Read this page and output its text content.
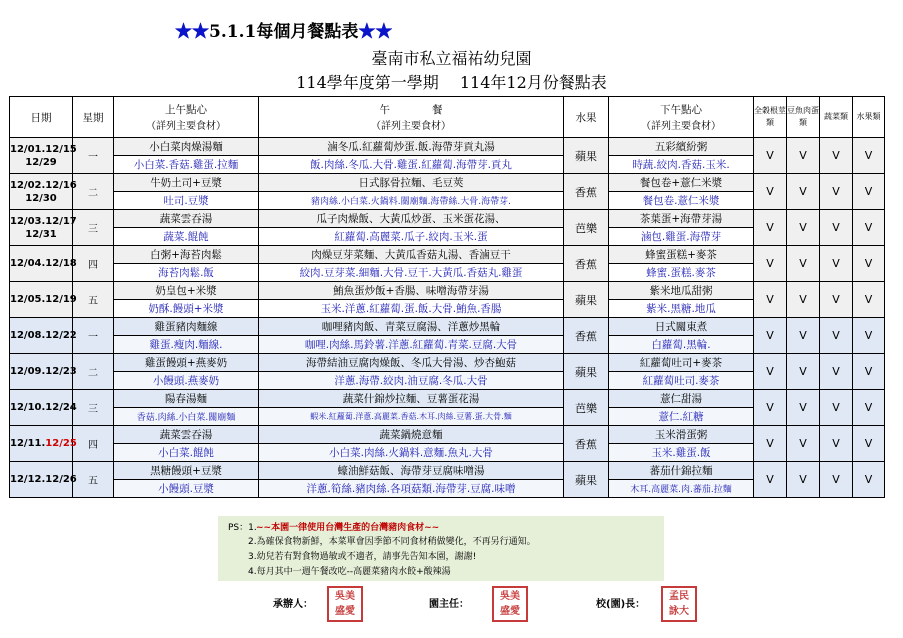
★★5.1.1每個月餐點表★★
臺南市私立福祐幼兒園
114學年度第一學期　 114年12月份餐點表
日期	星期	上午點心
（詳列主要食材）	午　　　　餐
（詳列主要食材）	水果	下午點心
（詳列主要食材）	全穀根莖類	豆魚肉蛋類	蔬菜類	水果類
12/01.12/15
12/29	一	小白菜肉燥湯麵	滷冬瓜.紅蘿蔔炒蛋.飯.海帶芽貢丸湯	蘋果	五彩繽紛粥	V	V	V	V
		小白菜.香菇.雞蛋.拉麵	飯.肉絲.冬瓜.大骨.雞蛋.紅蘿蔔.海帶芽.貢丸		時蔬.絞肉.香菇.玉米.				
12/02.12/16
12/30	二	牛奶土司+豆漿	日式豚骨拉麵、毛豆莢	香蕉	餐包卷+薏仁米漿	V	V	V	V
		吐司.豆漿	豬肉絲.小白菜.火鍋料.關廟麵.海帶絲.大骨.海帶芽.		餐包卷.薏仁米漿				
12/03.12/17
12/31	三	蔬菜雲吞湯	瓜子肉燥飯、大黃瓜炒蛋、玉米蛋花湯、	芭樂	茶葉蛋+海帶芽湯	V	V	V	V
		蔬菜.餛飩	紅蘿蔔.高麗菜.瓜子.絞肉.玉米.蛋		滷包.雞蛋.海帶芽				
12/04.12/18	四	白粥+海苔肉鬆	肉燥豆芽菜麵、大黃瓜香菇丸湯、香滷豆干	香蕉	蜂蜜蛋糕+麥茶	V	V	V	V
		海苔肉鬆.飯	絞肉.豆芽菜.細麵.大骨.豆干.大黃瓜.香菇丸.雞蛋		蜂蜜.蛋糕.麥茶				
12/05.12/19	五	奶皇包+米漿	鮪魚蛋炒飯+香腸、味噌海帶芽湯	蘋果	紫米地瓜甜粥	V	V	V	V
		奶酥.饅頭+米漿	玉米.洋蔥.紅蘿蔔.蛋.飯.大骨.鮪魚.香腸		紫米.黑糖.地瓜				
12/08.12/22	一	雞蛋豬肉麵線	咖哩豬肉飯、青菜豆腐湯、洋蔥炒黑輪	香蕉	日式關東煮	V	V	V	V
		雞蛋.瘦肉.麵線.	咖哩.肉絲.馬鈴薯.洋蔥.紅蘿蔔.青菜.豆腐.大骨		白蘿蔔.黑輪.				
12/09.12/23	二	雞蛋饅頭+燕麥奶	海帶結油豆腐肉燥飯、冬瓜大骨湯、炒杏鮑菇	蘋果	紅蘿蔔吐司+麥茶	V	V	V	V
		小饅頭.燕麥奶	洋蔥.海帶.絞肉.油豆腐.冬瓜.大骨		紅蘿蔔吐司.麥茶				
12/10.12/24	三	陽春湯麵	蔬菜什錦炒拉麵、豆薯蛋花湯	芭樂	薏仁甜湯	V	V	V	V
		香菇.肉絲.小白菜.關廟麵	蝦米.紅蘿蔔.洋蔥.高麗菜.香菇.木耳.肉絲.豆薯.蛋.大骨.麵		薏仁.紅糖				
12/11.12/25	四	蔬菜雲吞湯	蔬菜鍋燒意麵	香蕉	玉米滑蛋粥	V	V	V	V
		小白菜.餛飩	小白菜.肉絲.火鍋料.意麵.魚丸.大骨		玉米.雞蛋.飯				
12/12.12/26	五	黑糖饅頭+豆漿	蠔油鮮菇飯、海帶芽豆腐味噌湯	蘋果	蕃茄什錦拉麵	V	V	V	V
		小饅頭.豆漿	洋蔥.筍絲.豬肉絲.各項菇類.海帶芽.豆腐.味噌		木耳.高麗菜.肉.蕃茄.拉麵				
PS：1. ~~本園一律使用台灣生產的台灣豬肉食材~~
2.為確保食物新鮮，本菜單會因季節不同食材稍做變化，不再另行通知。
3.幼兒若有對食物過敏或不適者，請事先告知本園，謝謝!
4.每月其中一週午餐改吃--高麗菜豬肉水餃+酸辣湯
承辦人：
吳美 盛愛
園主任：
吳美 盛愛
校(園)長：
孟民 詠大
